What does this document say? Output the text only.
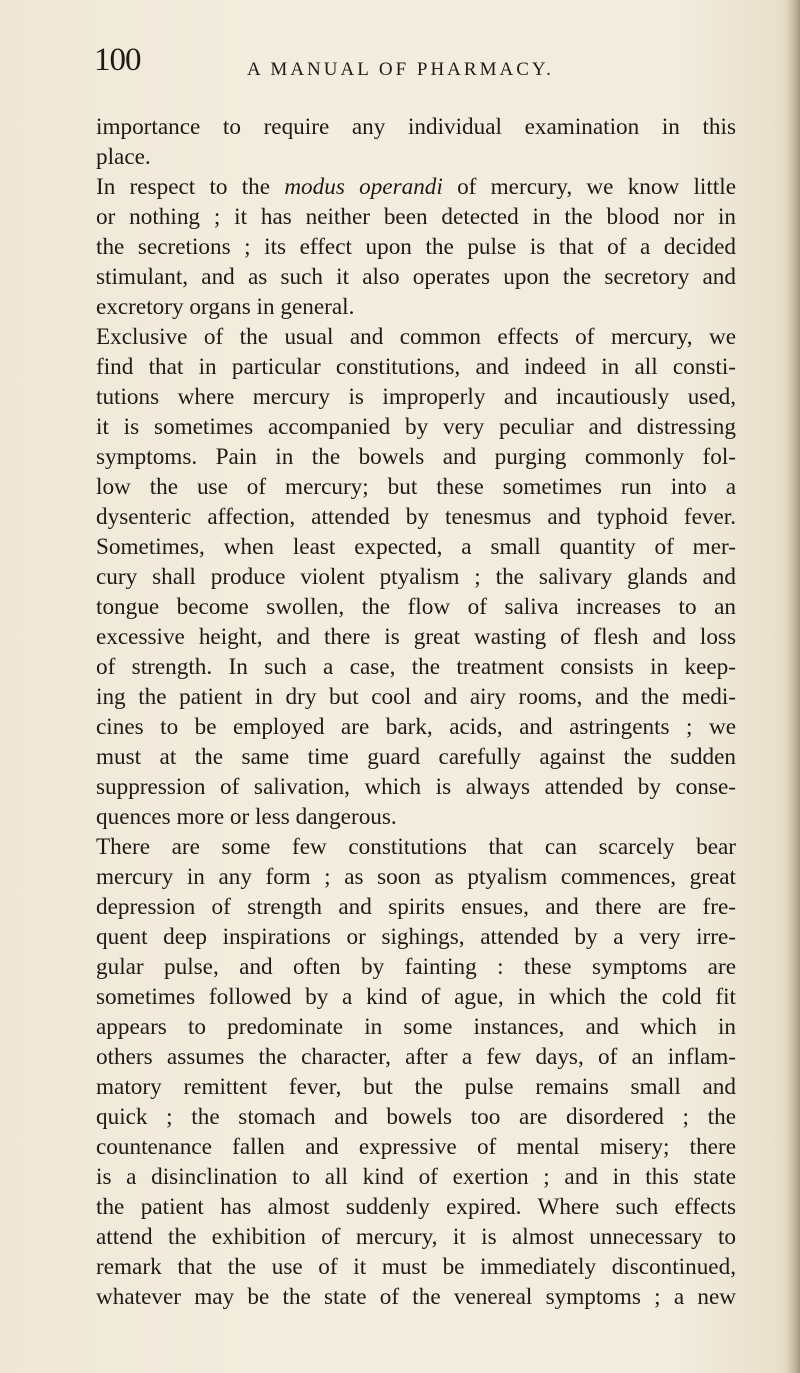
100	A MANUAL OF PHARMACY.
importance to require any individual examination in this
place.
In respect to the modus operandi of mercury, we know little
or nothing ; it has neither been detected in the blood nor in
the secretions ; its effect upon the pulse is that of a decided
stimulant, and as such it also operates upon the secretory and
excretory organs in general.
Exclusive of the usual and common effects of mercury, we
find that in particular constitutions, and indeed in all consti-
tutions where mercury is improperly and incautiously used,
it is sometimes accompanied by very peculiar and distressing
symptoms. Pain in the bowels and purging commonly fol-
low the use of mercury; but these sometimes run into a
dysenteric affection, attended by tenesmus and typhoid fever.
Sometimes, when least expected, a small quantity of mer-
cury shall produce violent ptyalism ; the salivary glands and
tongue become swollen, the flow of saliva increases to an
excessive height, and there is great wasting of flesh and loss
of strength. In such a case, the treatment consists in keep-
ing the patient in dry but cool and airy rooms, and the medi-
cines to be employed are bark, acids, and astringents ; we
must at the same time guard carefully against the sudden
suppression of salivation, which is always attended by conse-
quences more or less dangerous.
There are some few constitutions that can scarcely bear
mercury in any form ; as soon as ptyalism commences, great
depression of strength and spirits ensues, and there are fre-
quent deep inspirations or sighings, attended by a very irre-
gular pulse, and often by fainting : these symptoms are
sometimes followed by a kind of ague, in which the cold fit
appears to predominate in some instances, and which in
others assumes the character, after a few days, of an inflam-
matory remittent fever, but the pulse remains small and
quick ; the stomach and bowels too are disordered ; the
countenance fallen and expressive of mental misery; there
is a disinclination to all kind of exertion ; and in this state
the patient has almost suddenly expired. Where such effects
attend the exhibition of mercury, it is almost unnecessary to
remark that the use of it must be immediately discontinued,
whatever may be the state of the venereal symptoms ; a new
